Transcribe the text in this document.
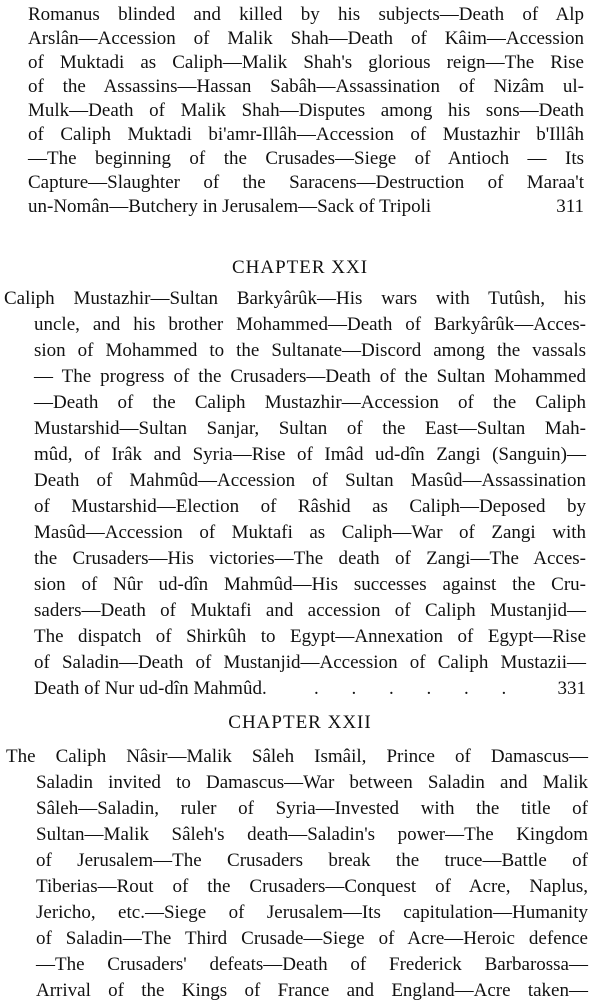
Romanus blinded and killed by his subjects—Death of Alp
Arslân—Accession of Malik Shah—Death of Kâim—Accession
of Muktadi as Caliph—Malik Shah's glorious reign—The Rise
of the Assassins—Hassan Sabâh—Assassination of Nizâm ul-
Mulk—Death of Malik Shah—Disputes among his sons—Death
of Caliph Muktadi bi'amr-Illâh—Accession of Mustazhir b'Illâh
—The beginning of the Crusades—Siege of Antioch — Its
Capture—Slaughter of the Saracens—Destruction of Maraa't
un-Nomân—Butchery in Jerusalem—Sack of Tripoli	311
CHAPTER XXI
Caliph Mustazhir—Sultan Barkyârûk—His wars with Tutûsh, his
uncle, and his brother Mohammed—Death of Barkyârûk—Acces-
sion of Mohammed to the Sultanate—Discord among the vassals
— The progress of the Crusaders—Death of the Sultan Mohammed
—Death of the Caliph Mustazhir—Accession of the Caliph
Mustarshid—Sultan Sanjar, Sultan of the East—Sultan Mah-
mûd, of Irâk and Syria—Rise of Imâd ud-dîn Zangi (Sanguin)—
Death of Mahmûd—Accession of Sultan Masûd—Assassination
of Mustarshid—Election of Râshid as Caliph—Deposed by
Masûd—Accession of Muktafi as Caliph—War of Zangi with
the Crusaders—His victories—The death of Zangi—The Acces-
sion of Nûr ud-dîn Mahmûd—His successes against the Cru-
saders—Death of Muktafi and accession of Caliph Mustanjid—
The dispatch of Shirkûh to Egypt—Annexation of Egypt—Rise
of Saladin—Death of Mustanjid—Accession of Caliph Mustazii—
Death of Nur ud-dîn Mahmûd.	. . . . . .	331
CHAPTER XXII
The Caliph Nâsir—Malik Sâleh Ismâil, Prince of Damascus—
Saladin invited to Damascus—War between Saladin and Malik
Sâleh—Saladin, ruler of Syria—Invested with the title of
Sultan—Malik Sâleh's death—Saladin's power—The Kingdom
of Jerusalem—The Crusaders break the truce—Battle of
Tiberias—Rout of the Crusaders—Conquest of Acre, Naplus,
Jericho, etc.—Siege of Jerusalem—Its capitulation—Humanity
of Saladin—The Third Crusade—Siege of Acre—Heroic defence
—The Crusaders' defeats—Death of Frederick Barbarossa—
Arrival of the Kings of France and England—Acre taken—
